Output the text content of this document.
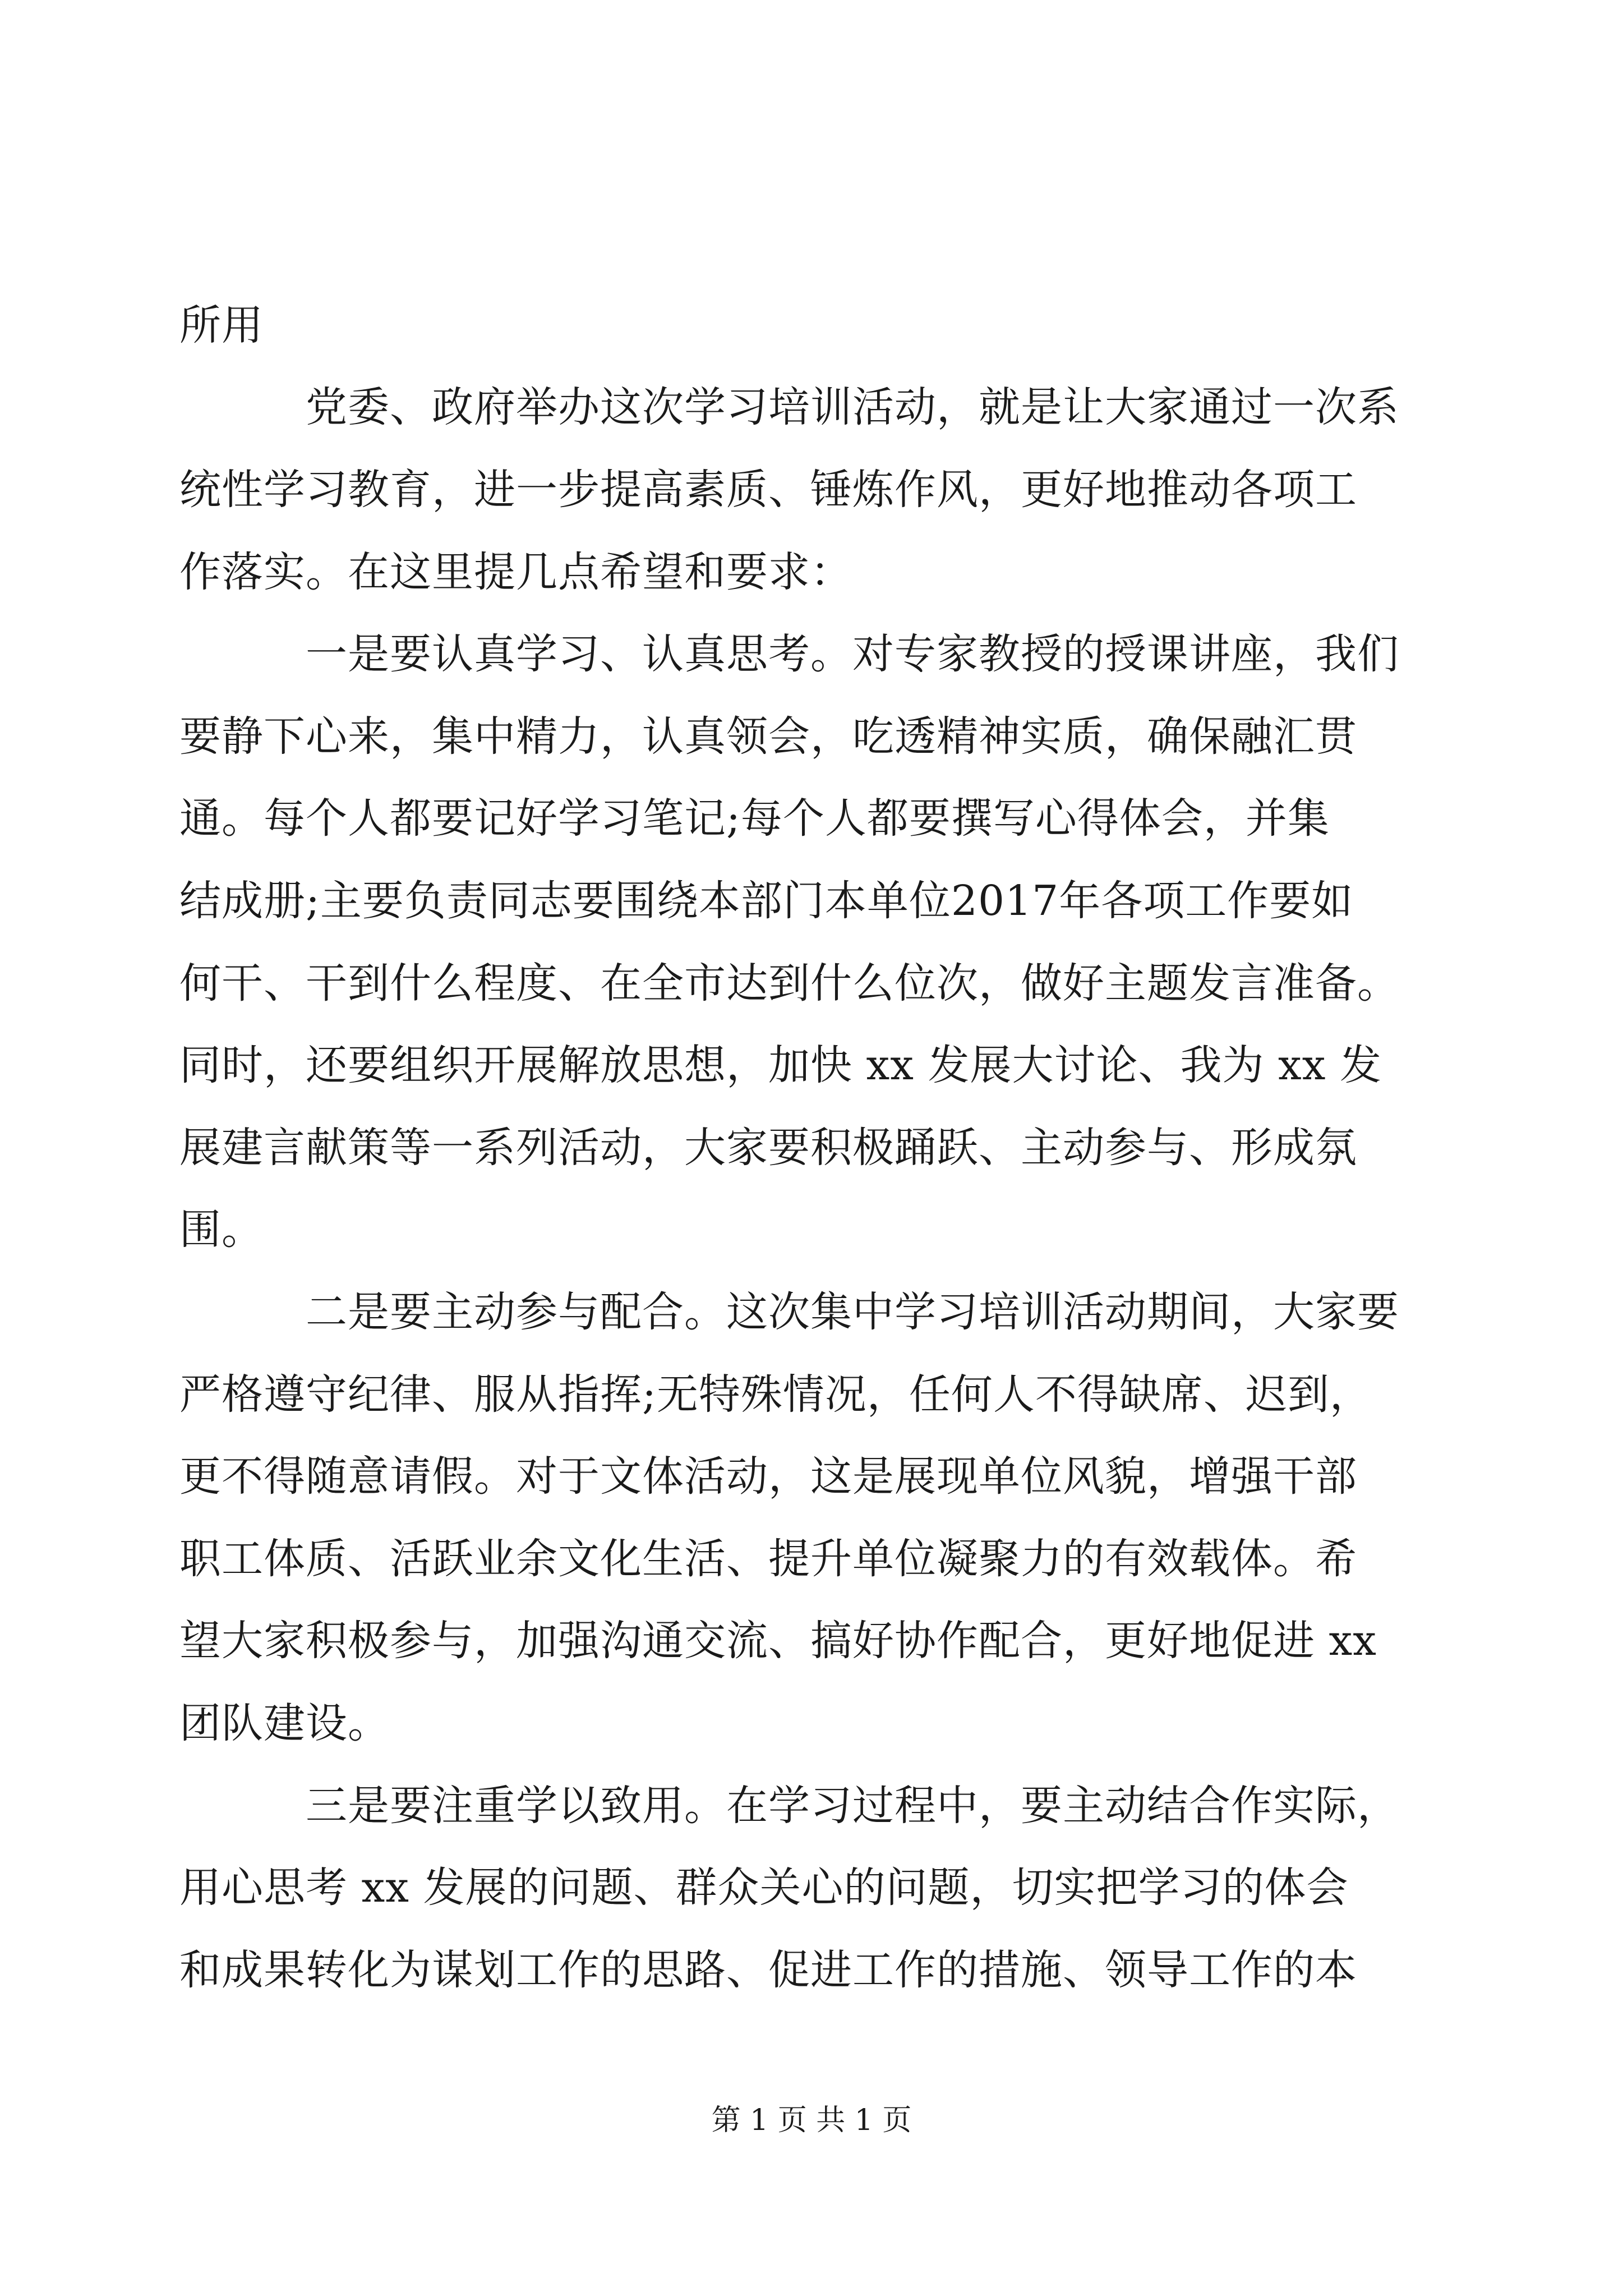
所用
党委、政府举办这次学习培训活动，就是让大家通过一次系
统性学习教育，进一步提高素质、锤炼作风，更好地推动各项工
作落实。在这里提几点希望和要求：
一是要认真学习、认真思考。对专家教授的授课讲座，我们
要静下心来，集中精力，认真领会，吃透精神实质，确保融汇贯
通。每个人都要记好学习笔记;每个人都要撰写心得体会，并集
结成册;主要负责同志要围绕本部门本单位2017年各项工作要如
何干、干到什么程度、在全市达到什么位次，做好主题发言准备。
同时，还要组织开展解放思想，加快 xx 发展大讨论、我为 xx 发
展建言献策等一系列活动，大家要积极踊跃、主动参与、形成氛
围。
二是要主动参与配合。这次集中学习培训活动期间，大家要
严格遵守纪律、服从指挥;无特殊情况，任何人不得缺席、迟到，
更不得随意请假。对于文体活动，这是展现单位风貌，增强干部
职工体质、活跃业余文化生活、提升单位凝聚力的有效载体。希
望大家积极参与，加强沟通交流、搞好协作配合，更好地促进 xx
团队建设。
三是要注重学以致用。在学习过程中，要主动结合作实际，
用心思考 xx 发展的问题、群众关心的问题，切实把学习的体会
和成果转化为谋划工作的思路、促进工作的措施、领导工作的本
第 1 页 共 1 页
